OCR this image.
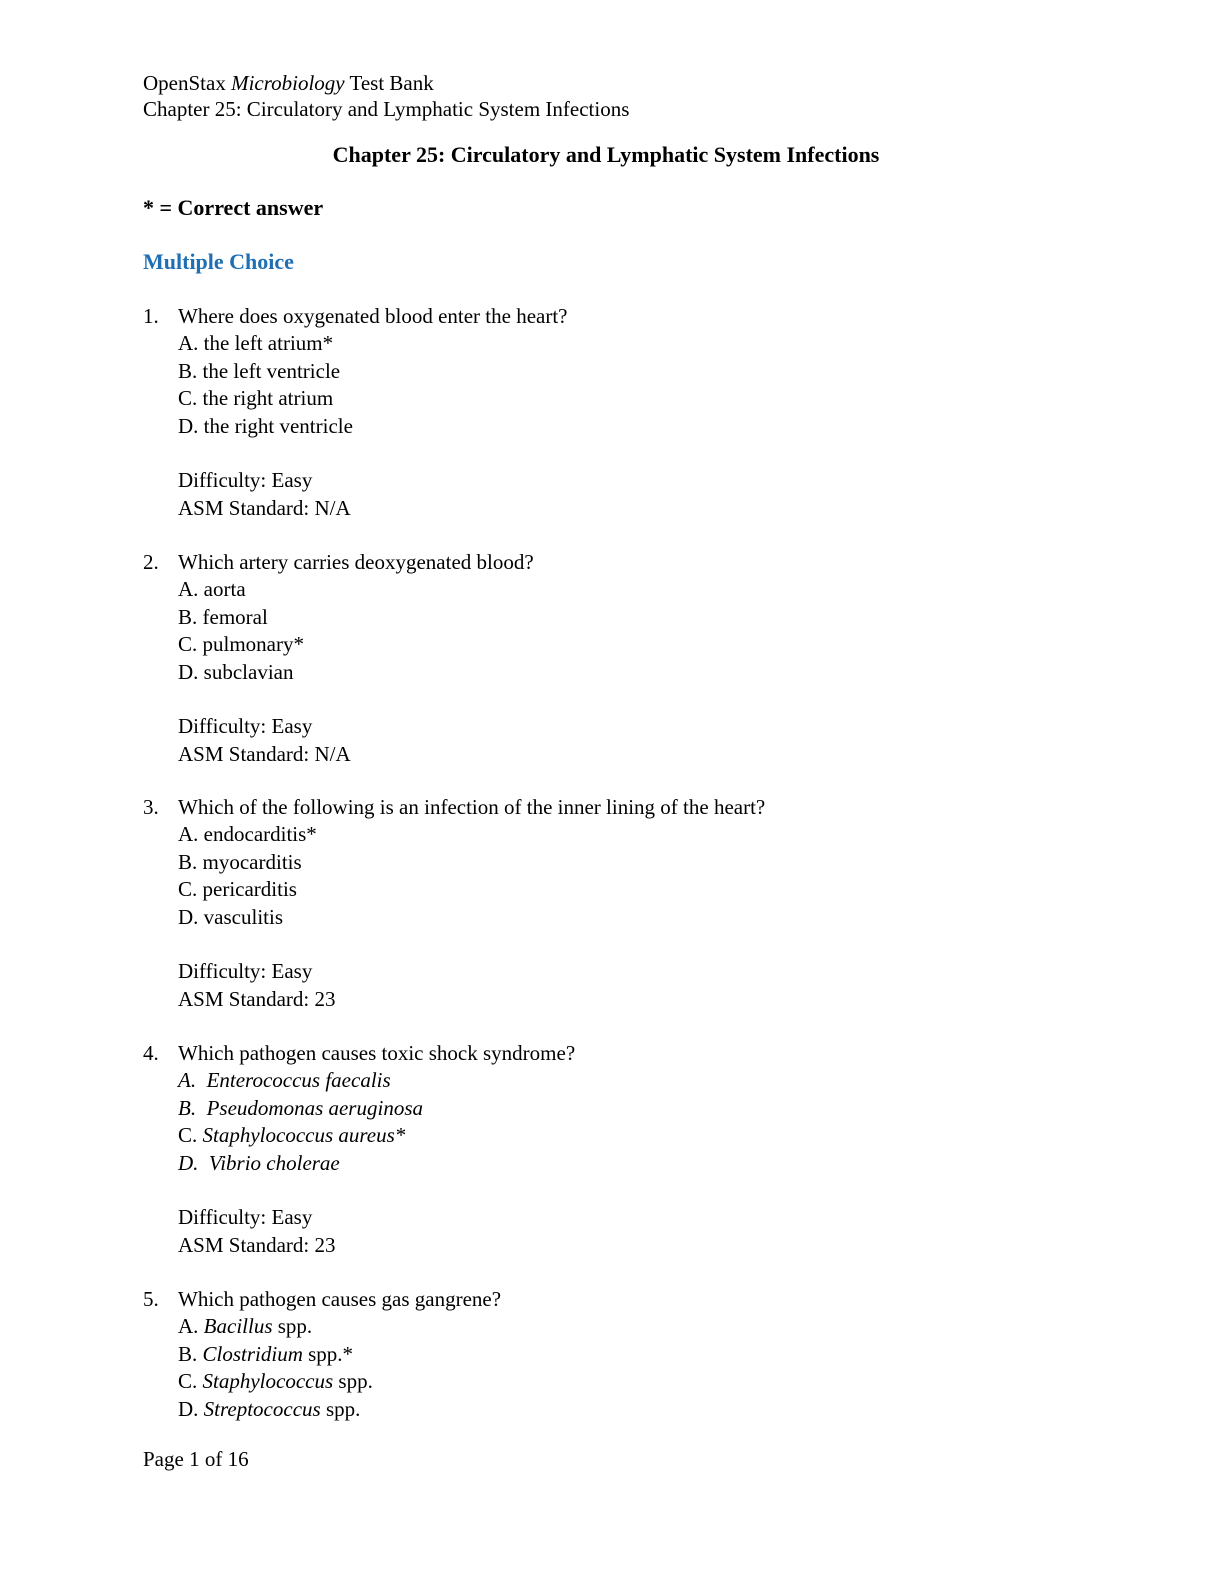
OpenStax Microbiology Test Bank
Chapter 25: Circulatory and Lymphatic System Infections
Chapter 25: Circulatory and Lymphatic System Infections
* = Correct answer
Multiple Choice
1. Where does oxygenated blood enter the heart?
A. the left atrium*
B. the left ventricle
C. the right atrium
D. the right ventricle
Difficulty: Easy
ASM Standard: N/A
2. Which artery carries deoxygenated blood?
A. aorta
B. femoral
C. pulmonary*
D. subclavian
Difficulty: Easy
ASM Standard: N/A
3. Which of the following is an infection of the inner lining of the heart?
A. endocarditis*
B. myocarditis
C. pericarditis
D. vasculitis
Difficulty: Easy
ASM Standard: 23
4. Which pathogen causes toxic shock syndrome?
A. Enterococcus faecalis
B. Pseudomonas aeruginosa
C. Staphylococcus aureus*
D. Vibrio cholerae
Difficulty: Easy
ASM Standard: 23
5. Which pathogen causes gas gangrene?
A. Bacillus spp.
B. Clostridium spp.*
C. Staphylococcus spp.
D. Streptococcus spp.
Page 1 of 16
